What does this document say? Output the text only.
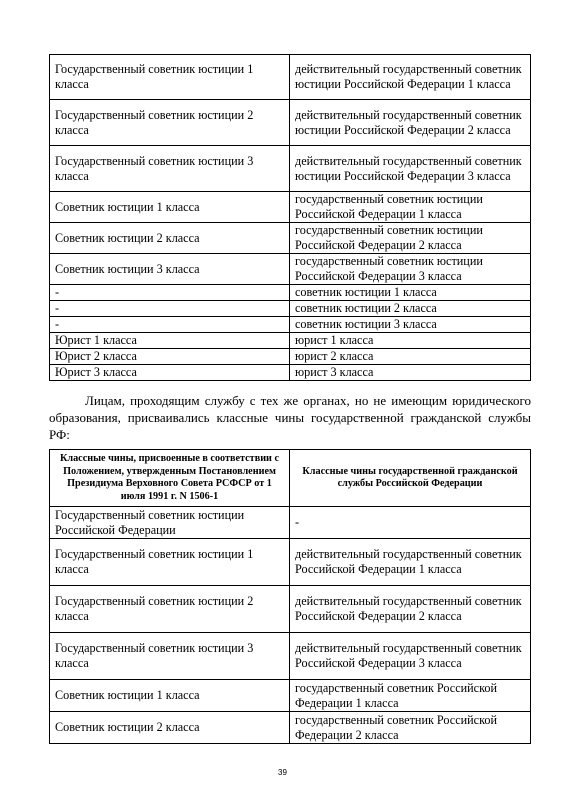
Государственный советник юстиции 1 класса	действительный государственный советник юстиции Российской Федерации 1 класса
Государственный советник юстиции 2 класса	действительный государственный советник юстиции Российской Федерации 2 класса
Государственный советник юстиции 3 класса	действительный государственный советник юстиции Российской Федерации 3 класса
Советник юстиции 1 класса	государственный советник юстиции Российской Федерации 1 класса
Советник юстиции 2 класса	государственный советник юстиции Российской Федерации 2 класса
Советник юстиции 3 класса	государственный советник юстиции Российской Федерации 3 класса
-	советник юстиции 1 класса
-	советник юстиции 2 класса
-	советник юстиции 3 класса
Юрист 1 класса	юрист 1 класса
Юрист 2 класса	юрист 2 класса
Юрист 3 класса	юрист 3 класса

Лицам, проходящим службу с тех же органах, но не имеющим юридического образования, присваивались классные чины государственной гражданской службы РФ:

Классные чины, присвоенные в соответствии с Положением, утвержденным Постановлением Президиума Верховного Совета РСФСР от 1 июля 1991 г. N 1506-1	Классные чины государственной гражданской службы Российской Федерации
Государственный советник юстиции Российской Федерации	-
Государственный советник юстиции 1 класса	действительный государственный советник Российской Федерации 1 класса
Государственный советник юстиции 2 класса	действительный государственный советник Российской Федерации 2 класса
Государственный советник юстиции 3 класса	действительный государственный советник Российской Федерации 3 класса
Советник юстиции 1 класса	государственный советник Российской Федерации 1 класса
Советник юстиции 2 класса	государственный советник Российской Федерации 2 класса
39
